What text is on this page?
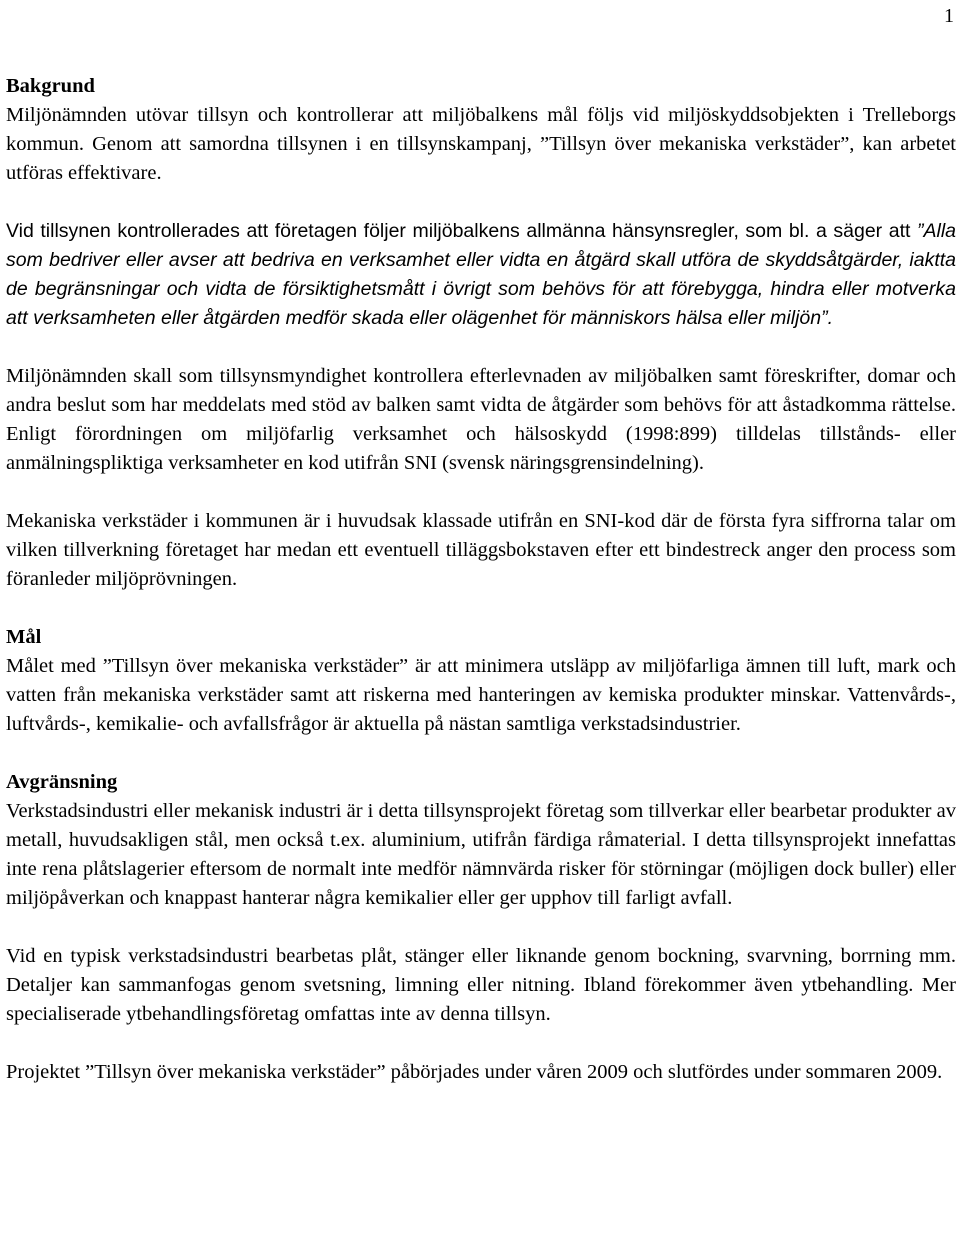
1

Bakgrund
Miljönämnden utövar tillsyn och kontrollerar att miljöbalkens mål följs vid miljöskyddsobjekten i Trelleborgs kommun. Genom att samordna tillsynen i en tillsynskampanj, ”Tillsyn över mekaniska verkstäder”, kan arbetet utföras effektivare.

Vid tillsynen kontrollerades att företagen följer miljöbalkens allmänna hänsynsregler, som bl. a säger att ”Alla som bedriver eller avser att bedriva en verksamhet eller vidta en åtgärd skall utföra de skyddsåtgärder, iaktta de begränsningar och vidta de försiktighetsmått i övrigt som behövs för att förebygga, hindra eller motverka att verksamheten eller åtgärden medför skada eller olägenhet för människors hälsa eller miljön”.

Miljönämnden skall som tillsynsmyndighet kontrollera efterlevnaden av miljöbalken samt föreskrifter, domar och andra beslut som har meddelats med stöd av balken samt vidta de åtgärder som behövs för att åstadkomma rättelse. Enligt förordningen om miljöfarlig verksamhet och hälsoskydd (1998:899) tilldelas tillstånds- eller anmälningspliktiga verksamheter en kod utifrån SNI (svensk näringsgrensindelning).

Mekaniska verkstäder i kommunen är i huvudsak klassade utifrån en SNI-kod där de första fyra siffrorna talar om vilken tillverkning företaget har medan ett eventuell tilläggsbokstaven efter ett bindestreck anger den process som föranleder miljöprövningen.

Mål
Målet med ”Tillsyn över mekaniska verkstäder” är att minimera utsläpp av miljöfarliga ämnen till luft, mark och vatten från mekaniska verkstäder samt att riskerna med hanteringen av kemiska produkter minskar. Vattenvårds-, luftvårds-, kemikalie- och avfallsfrågor är aktuella på nästan samtliga verkstadsindustrier.

Avgränsning
Verkstadsindustri eller mekanisk industri är i detta tillsynsprojekt företag som tillverkar eller bearbetar produkter av metall, huvudsakligen stål, men också t.ex. aluminium, utifrån färdiga råmaterial. I detta tillsynsprojekt innefattas inte rena plåtslagerier eftersom de normalt inte medför nämnvärda risker för störningar (möjligen dock buller) eller miljöpåverkan och knappast hanterar några kemikalier eller ger upphov till farligt avfall.

Vid en typisk verkstadsindustri bearbetas plåt, stänger eller liknande genom bockning, svarvning, borrning mm. Detaljer kan sammanfogas genom svetsning, limning eller nitning. Ibland förekommer även ytbehandling. Mer specialiserade ytbehandlingsföretag omfattas inte av denna tillsyn.

Projektet ”Tillsyn över mekaniska verkstäder” påbörjades under våren 2009 och slutfördes under sommaren 2009.
